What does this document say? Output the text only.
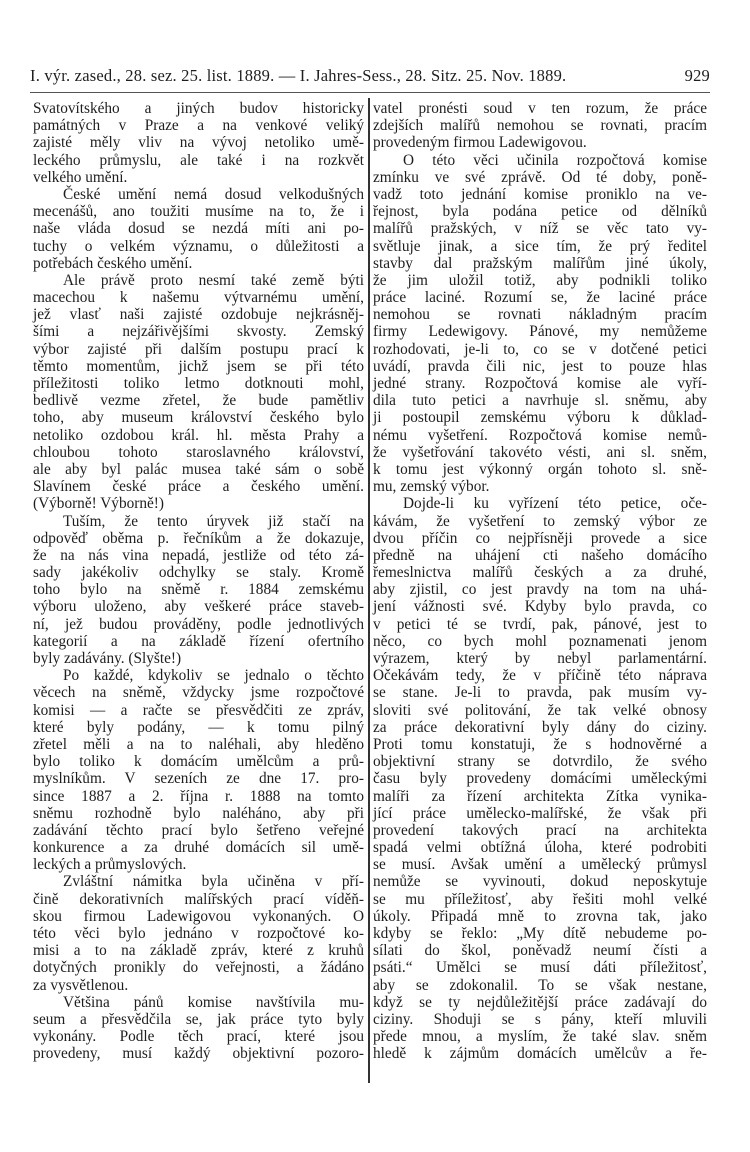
I. výr. zased., 28. sez. 25. list. 1889. — I. Jahres-Sess., 28. Sitz. 25. Nov. 1889.	929
Svatovítského a jiných budov historicky
památných v Praze a na venkové veliký
zajisté měly vliv na vývoj netoliko umě-
leckého průmyslu, ale také i na rozkvět
velkého umění.
České umění nemá dosud velkodušných
mecenášů, ano toužiti musíme na to, že i
naše vláda dosud se nezdá míti ani po-
tuchy o velkém významu, o důležitosti a
potřebách českého umění.
Ale právě proto nesmí také země býti
macechou k našemu výtvarnému umění,
jež vlasť naši zajisté ozdobuje nejkrásněj-
šími a nejzářivějšími skvosty. Zemský
výbor zajisté při dalším postupu prací k
těmto momentům, jichž jsem se při této
příležitosti toliko letmo dotknouti mohl,
bedlivě vezme zřetel, že bude pamětliv
toho, aby museum království českého bylo
netoliko ozdobou král. hl. města Prahy a
chloubou tohoto staroslavného království,
ale aby byl palác musea také sám o sobě
Slavínem české práce a českého umění.
(Výborně! Výborně!)
Tuším, že tento úryvek již stačí na
odpověď oběma p. řečníkům a že dokazuje,
že na nás vina nepadá, jestliže od této zá-
sady jakékoliv odchylky se staly. Kromě
toho bylo na sněmě r. 1884 zemskému
výboru uloženo, aby veškeré práce staveb-
ní, jež budou prováděny, podle jednotlivých
kategorií a na základě řízení ofertního
byly zadávány. (Slyšte!)
Po každé, kdykoliv se jednalo o těchto
věcech na sněmě, vždycky jsme rozpočtové
komisi — a račte se přesvědčiti ze zpráv,
které byly podány, — k tomu pilný
zřetel měli a na to naléhali, aby hleděno
bylo toliko k domácím umělcům a prů-
myslníkům. V sezeních ze dne 17. pro-
since 1887 a 2. října r. 1888 na tomto
sněmu rozhodně bylo naléháno, aby při
zadávání těchto prací bylo šetřeno veřejné
konkurence a za druhé domácích sil umě-
leckých a průmyslových.
Zvláštní námitka byla učiněna v pří-
čině dekorativních malířských prací víděň-
skou firmou Ladewigovou vykonaných. O
této věci bylo jednáno v rozpočtové ko-
misi a to na základě zpráv, které z kruhů
dotyčných pronikly do veřejnosti, a žádáno
za vysvětlenou.
Většina pánů komise navštívila mu-
seum a přesvědčila se, jak práce tyto byly
vykonány. Podle těch prací, které jsou
provedeny, musí každý objektivní pozoro-
vatel pronésti soud v ten rozum, že práce
zdejších malířů nemohou se rovnati, pracím
provedeným firmou Ladewigovou.
O této věci učinila rozpočtová komise
zmínku ve své zprávě. Od té doby, poně-
vadž toto jednání komise proniklo na ve-
řejnost, byla podána petice od dělníků
malířů pražských, v níž se věc tato vy-
světluje jinak, a sice tím, že prý ředitel
stavby dal pražským malířům jiné úkoly,
že jim uložil totiž, aby podnikli toliko
práce laciné. Rozumí se, že laciné práce
nemohou se rovnati nákladným pracím
firmy Ledewigovy. Pánové, my nemůžeme
rozhodovati, je-li to, co se v dotčené petici
uvádí, pravda čili nic, jest to pouze hlas
jedné strany. Rozpočtová komise ale vyří-
dila tuto petici a navrhuje sl. sněmu, aby
ji postoupil zemskému výboru k důklad-
nému vyšetření. Rozpočtová komise nemů-
že vyšetřování takovéto vésti, ani sl. sněm,
k tomu jest výkonný orgán tohoto sl. sně-
mu, zemský výbor.
Dojde-li ku vyřízení této petice, oče-
kávám, že vyšetření to zemský výbor ze
dvou příčin co nejpřísněji provede a sice
předně na uhájení cti našeho domácího
řemeslnictva malířů českých a za druhé,
aby zjistil, co jest pravdy na tom na uhá-
jení vážnosti své. Kdyby bylo pravda, co
v petici té se tvrdí, pak, pánové, jest to
něco, co bych mohl poznamenati jenom
výrazem, který by nebyl parlamentární.
Očekávám tedy, že v příčině této náprava
se stane. Je-li to pravda, pak musím vy-
sloviti své politování, že tak velké obnosy
za práce dekorativní byly dány do ciziny.
Proti tomu konstatuji, že s hodnověrné a
objektivní strany se dotvrdilo, že svého
času byly provedeny domácími uměleckými
malíři za řízení architekta Zítka vynika-
jící práce umělecko-malířské, že však při
provedení takových prací na architekta
spadá velmi obtížná úloha, které podrobiti
se musí. Avšak umění a umělecký průmysl
nemůže se vyvinouti, dokud neposkytuje
se mu příležitosť, aby řešiti mohl velké
úkoly. Připadá mně to zrovna tak, jako
kdyby se řeklo: „My dítě nebudeme po-
sílati do škol, poněvadž neumí čísti a
psáti.“ Umělci se musí dáti příležitosť,
aby se zdokonalil. To se však nestane,
když se ty nejdůležitější práce zadávají do
ciziny. Shoduji se s pány, kteří mluvili
přede mnou, a myslím, že také slav. sněm
hledě k zájmům domácích umělcův a ře-
